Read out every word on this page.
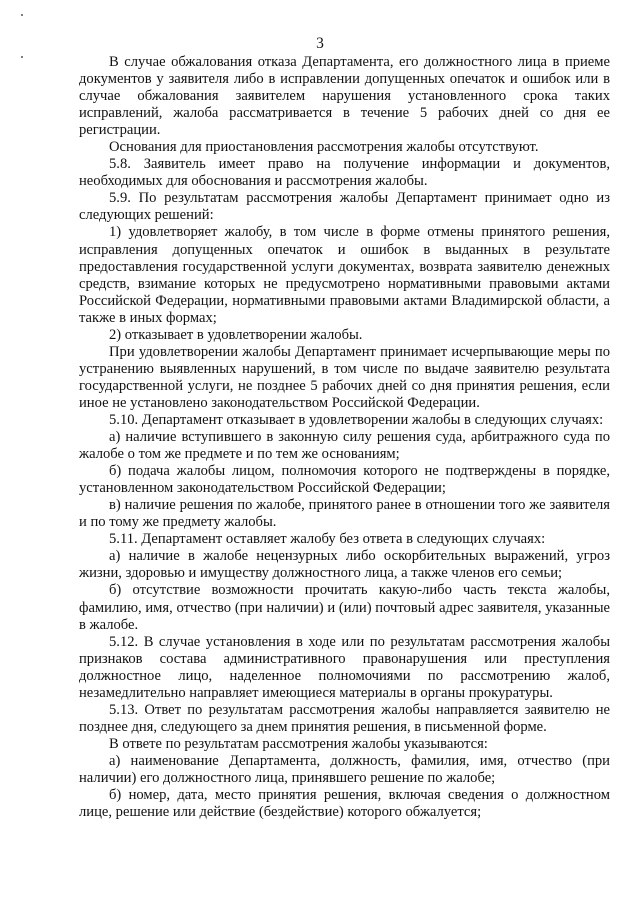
3

В случае обжалования отказа Департамента, его должностного лица в приеме документов у заявителя либо в исправлении допущенных опечаток и ошибок или в случае обжалования заявителем нарушения установленного срока таких исправлений, жалоба рассматривается в течение 5 рабочих дней со дня ее регистрации.

Основания для приостановления рассмотрения жалобы отсутствуют.

5.8. Заявитель имеет право на получение информации и документов, необходимых для обоснования и рассмотрения жалобы.

5.9. По результатам рассмотрения жалобы Департамент принимает одно из следующих решений:

1) удовлетворяет жалобу, в том числе в форме отмены принятого решения, исправления допущенных опечаток и ошибок в выданных в результате предоставления государственной услуги документах, возврата заявителю денежных средств, взимание которых не предусмотрено нормативными правовыми актами Российской Федерации, нормативными правовыми актами Владимирской области, а также в иных формах;

2) отказывает в удовлетворении жалобы.

При удовлетворении жалобы Департамент принимает исчерпывающие меры по устранению выявленных нарушений, в том числе по выдаче заявителю результата государственной услуги, не позднее 5 рабочих дней со дня принятия решения, если иное не установлено законодательством Российской Федерации.

5.10. Департамент отказывает в удовлетворении жалобы в следующих случаях:

а) наличие вступившего в законную силу решения суда, арбитражного суда по жалобе о том же предмете и по тем же основаниям;

б) подача жалобы лицом, полномочия которого не подтверждены в порядке, установленном законодательством Российской Федерации;

в) наличие решения по жалобе, принятого ранее в отношении того же заявителя и по тому же предмету жалобы.

5.11. Департамент оставляет жалобу без ответа в следующих случаях:

а) наличие в жалобе нецензурных либо оскорбительных выражений, угроз жизни, здоровью и имуществу должностного лица, а также членов его семьи;

б) отсутствие возможности прочитать какую-либо часть текста жалобы, фамилию, имя, отчество (при наличии) и (или) почтовый адрес заявителя, указанные в жалобе.

5.12. В случае установления в ходе или по результатам рассмотрения жалобы признаков состава административного правонарушения или преступления должностное лицо, наделенное полномочиями по рассмотрению жалоб, незамедлительно направляет имеющиеся материалы в органы прокуратуры.

5.13. Ответ по результатам рассмотрения жалобы направляется заявителю не позднее дня, следующего за днем принятия решения, в письменной форме.

В ответе по результатам рассмотрения жалобы указываются:

а) наименование Департамента, должность, фамилия, имя, отчество (при наличии) его должностного лица, принявшего решение по жалобе;

б) номер, дата, место принятия решения, включая сведения о должностном лице, решение или действие (бездействие) которого обжалуется;
